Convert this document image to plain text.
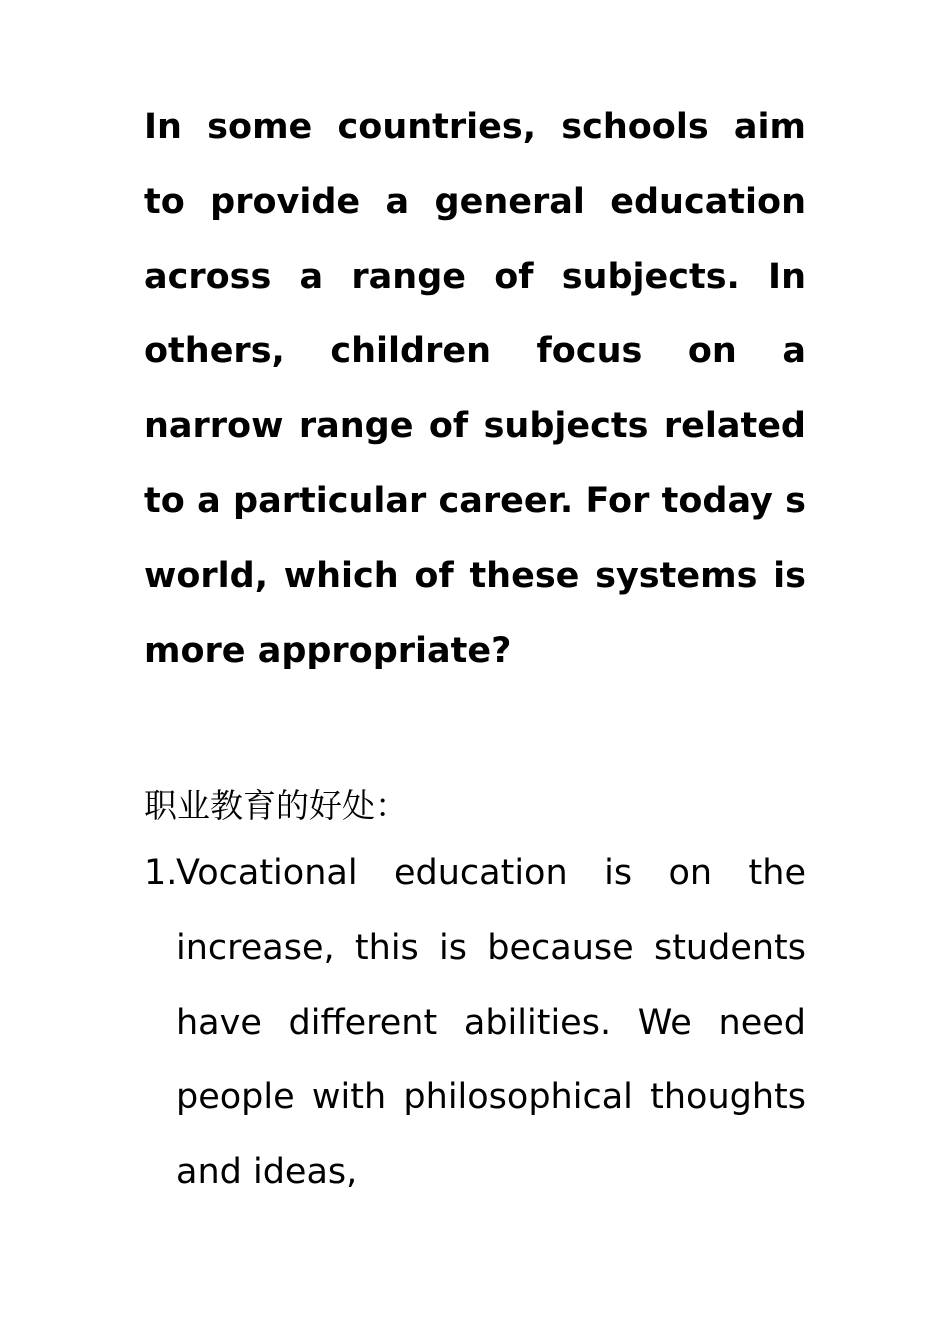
In some countries, schools aim to provide a general education across a range of subjects. In others, children focus on a narrow range of subjects related to a particular career. For today s world, which of these systems is more appropriate?

职业教育的好处：

1.
Vocational education is on the increase, this is because students have different abilities. We need people with philosophical thoughts and ideas,
